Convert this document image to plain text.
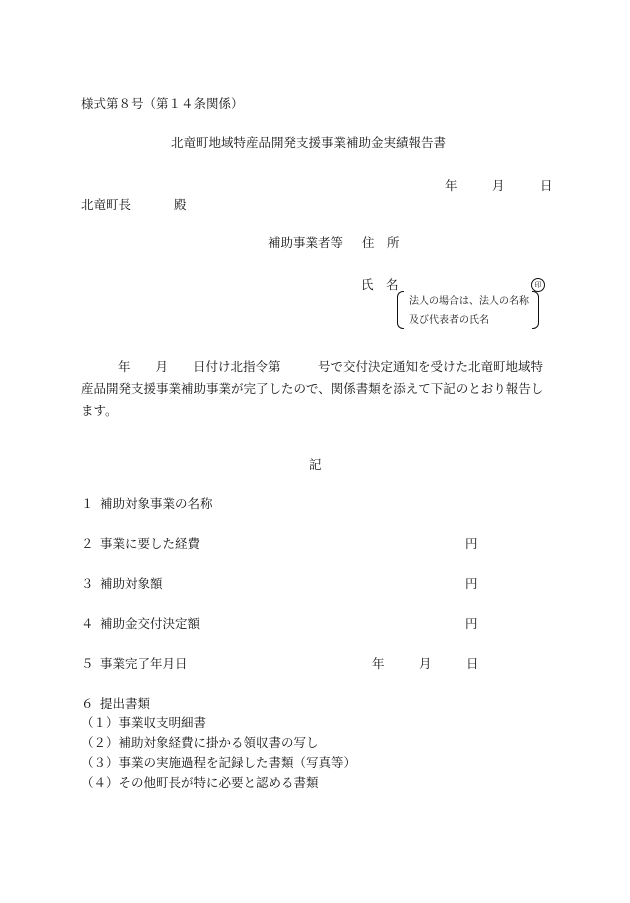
様式第８号（第１４条関係）
北竜町地域特産品開発支援事業補助金実績報告書
年	月	日
北竜町長	殿
補助事業者等 住　所
氏　名	印
法人の場合は、法人の名称
及び代表者の氏名
年　　月　　日付け北指令第　　　号で交付決定通知を受けた北竜町地域特産品開発支援事業補助事業が完了したので、関係書類を添えて下記のとおり報告します。
記
１ 補助対象事業の名称
２ 事業に要した経費	円
３ 補助対象額	円
４ 補助金交付決定額	円
５ 事業完了年月日	年	月	日
６ 提出書類
（１）事業収支明細書
（２）補助対象経費に掛かる領収書の写し
（３）事業の実施過程を記録した書類（写真等）
（４）その他町長が特に必要と認める書類
